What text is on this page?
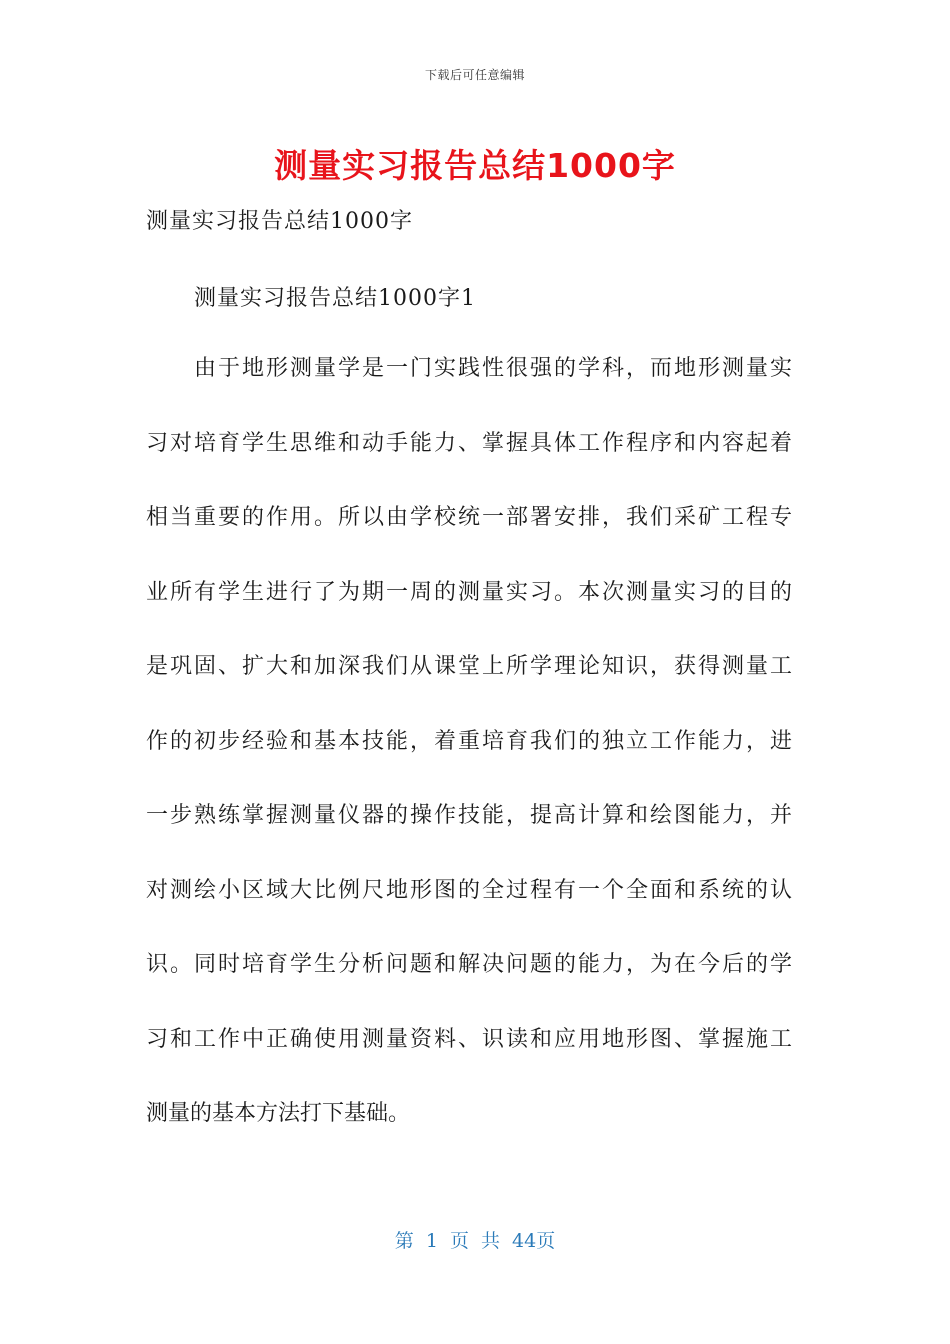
下载后可任意编辑
测量实习报告总结1000字

测量实习报告总结1000字

测量实习报告总结1000字1

由于地形测量学是一门实践性很强的学科，而地形测量实
习对培育学生思维和动手能力、掌握具体工作程序和内容起着
相当重要的作用。所以由学校统一部署安排，我们采矿工程专
业所有学生进行了为期一周的测量实习。本次测量实习的目的
是巩固、扩大和加深我们从课堂上所学理论知识，获得测量工
作的初步经验和基本技能，着重培育我们的独立工作能力，进
一步熟练掌握测量仪器的操作技能，提高计算和绘图能力，并
对测绘小区域大比例尺地形图的全过程有一个全面和系统的认
识。同时培育学生分析问题和解决问题的能力，为在今后的学
习和工作中正确使用测量资料、识读和应用地形图、掌握施工
测量的基本方法打下基础。
第 1 页 共 44页
